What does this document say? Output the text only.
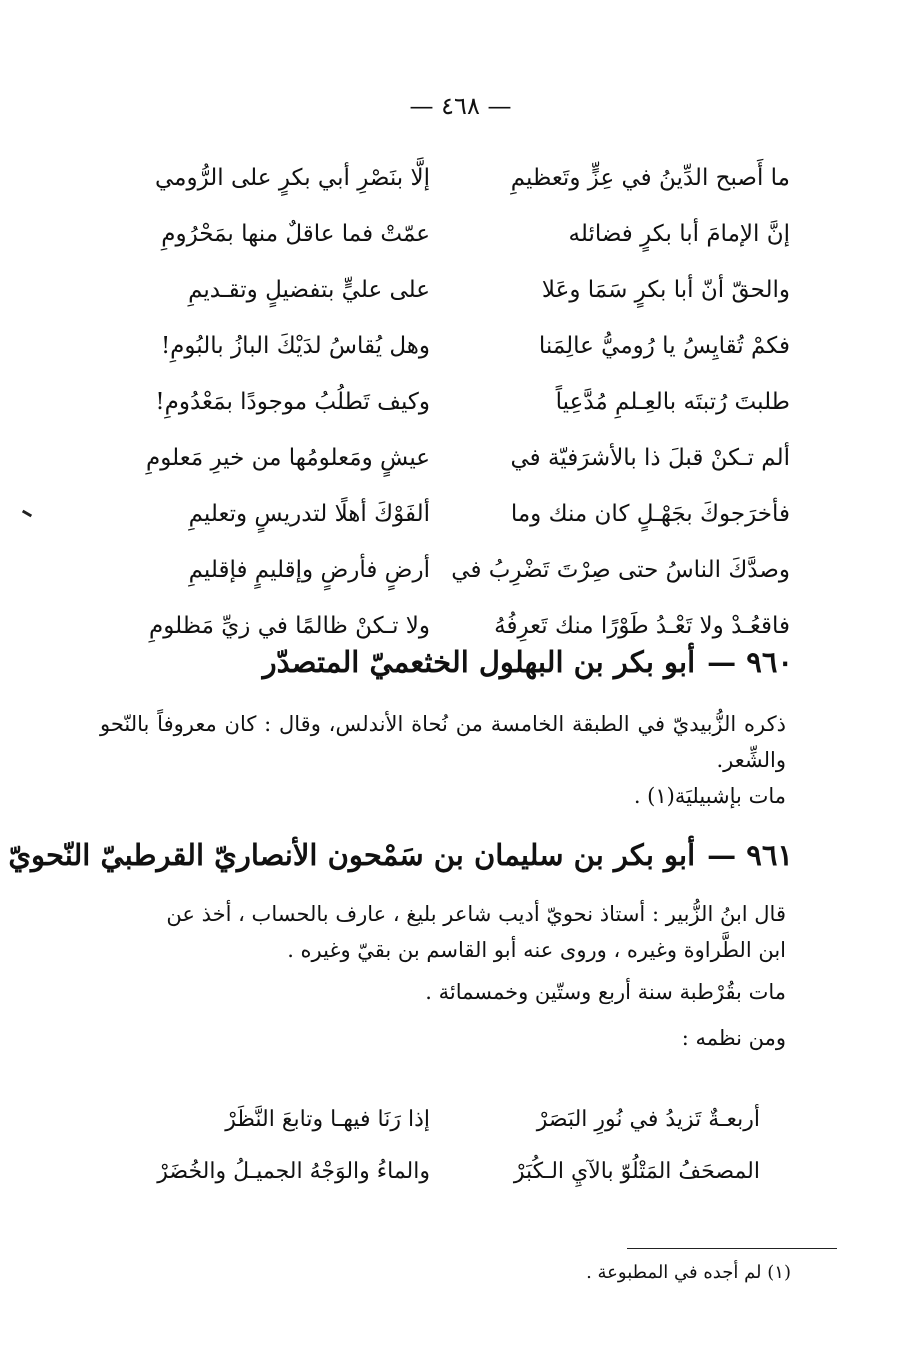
— ٤٦٨ —
ما أَصبح الدِّينُ في عِزٍّ وتَعظيمِ
إلَّا بنَصْرِ أبي بكرٍ على الرُّومي
إنَّ الإمامَ أبا بكرٍ فضائله
عمّتْ فما عاقلٌ منها بمَحْرُومِ
والحقّ أنّ أبا بكرٍ سَمَا وعَلا
على عليٍّ بتفضيلٍ وتقـديمِ
فكمْ تُقايِسُ يا رُوميُّ عالِمَنا
وهل يُقاسُ لدَيْكَ البازُ بالبُومِ!
طلبتَ رُتبتَه بالعِـلمِ مُدَّعِياً
وكيف تَطلُبُ موجودًا بمَعْدُومِ!
ألم تـكنْ قبلَ ذا بالأشرَفيّة في
عيشٍ ومَعلومُها من خيرِ مَعلومِ
فأخرَجوكَ بجَهْـلٍ كان منك وما
ألفَوْكَ أهلًا لتدريسٍ وتعليمِ
وصدَّكَ الناسُ حتى صِرْتَ تَضْرِبُ في
أرضٍ فأرضٍ وإقليمٍ فإقليمِ
فاقعُـدْ ولا تَعْـدُ طَوْرًا منك تَعرِفُهُ
ولا تـكنْ ظالمًا في زيِّ مَظلومِ
٩٦٠ —أبو بكر بن البهلول الخثعميّ المتصدّر

ذكره الزُّبيديّ في الطبقة الخامسة من نُحاة الأندلس، وقال : كان معروفاً بالنّحو والشِّعر.

مات بإشبيليَة(١) .

٩٦١ —أبو بكر بن سليمان بن سَمْحون الأنصاريّ القرطبيّ النّحويّ

قال ابنُ الزُّبير : أستاذ نحويّ أديب شاعر بليغ ، عارف بالحساب ، أخذ عن

ابن الطَّراوة وغيره ، وروى عنه أبو القاسم بن بقيّ وغيره .

مات بقُرْطبة سنة أربع وستّين وخمسمائة .

ومن نظمه :

أربعـةٌ تَزيدُ في نُورِ البَصَرْ
إذا رَنَا فيهـا وتابعَ النَّظَرْ
المصحَفُ المَتْلُوّ بالآيِ الـكُبَرْ
والماءُ والوَجْهُ الجميـلُ والخُضَرْ
(١) لم أجده في المطبوعة .
